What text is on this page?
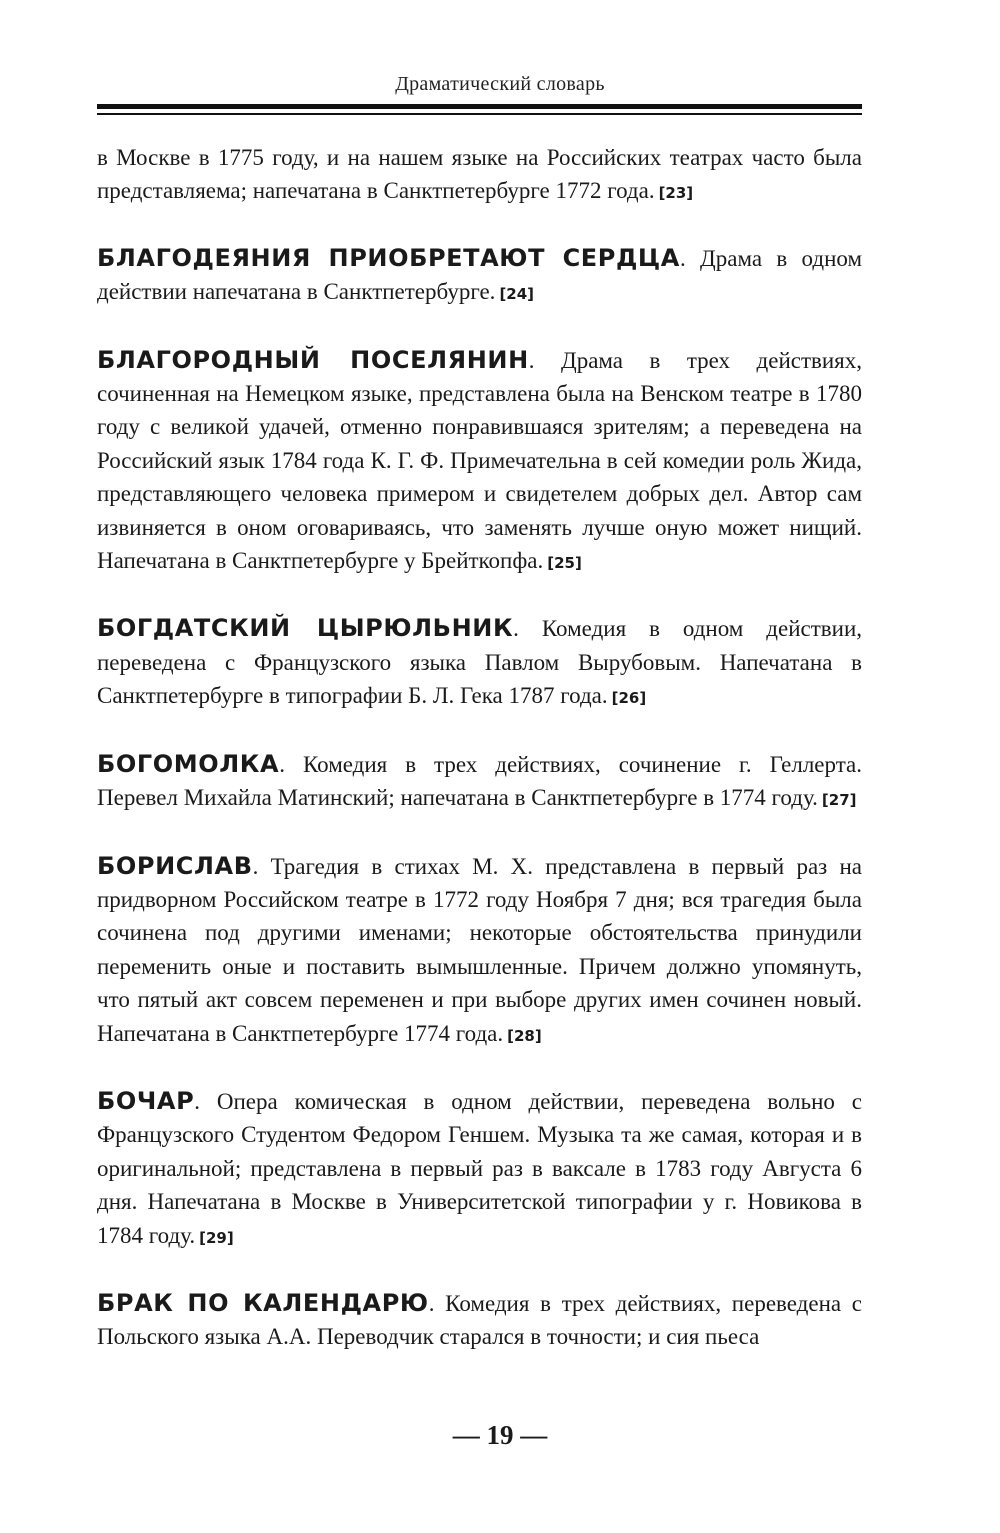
Драматический словарь

в Москве в 1775 году, и на нашем языке на Российских театрах часто была представляема; напечатана в Санктпетербурге 1772 года. [23]

БЛАГОДЕЯНИЯ ПРИОБРЕТАЮТ СЕРДЦА. Драма в одном действии напечатана в Санктпетербурге. [24]

БЛАГОРОДНЫЙ ПОСЕЛЯНИН. Драма в трех действиях, сочиненная на Немецком языке, представлена была на Венском театре в 1780 году с великой удачей, отменно понравившаяся зрителям; а переведена на Российский язык 1784 года К. Г. Ф. Примечательна в сей комедии роль Жида, представляющего человека примером и свидетелем добрых дел. Автор сам извиняется в оном оговариваясь, что заменять лучше оную может нищий. Напечатана в Санктпетербурге у Брейткопфа. [25]

БОГДАТСКИЙ ЦЫРЮЛЬНИК. Комедия в одном действии, переведена с Французского языка Павлом Вырубовым. Напечатана в Санктпетербурге в типографии Б. Л. Гека 1787 года. [26]

БОГОМОЛКА. Комедия в трех действиях, сочинение г. Геллерта. Перевел Михайла Матинский; напечатана в Санктпетербурге в 1774 году. [27]

БОРИСЛАВ. Трагедия в стихах М. Х. представлена в первый раз на придворном Российском театре в 1772 году Ноября 7 дня; вся трагедия была сочинена под другими именами; некоторые обстоятельства принудили переменить оные и поставить вымышленные. Причем должно упомянуть, что пятый акт совсем переменен и при выборе других имен сочинен новый. Напечатана в Санктпетербурге 1774 года. [28]

БОЧАР. Опера комическая в одном действии, переведена вольно с Французского Студентом Федором Геншем. Музыка та же самая, которая и в оригинальной; представлена в первый раз в ваксале в 1783 году Августа 6 дня. Напечатана в Москве в Университетской типографии у г. Новикова в 1784 году. [29]

БРАК ПО КАЛЕНДАРЮ. Комедия в трех действиях, переведена с Польского языка А.А. Переводчик старался в точности; и сия пьеса

— 19 —
